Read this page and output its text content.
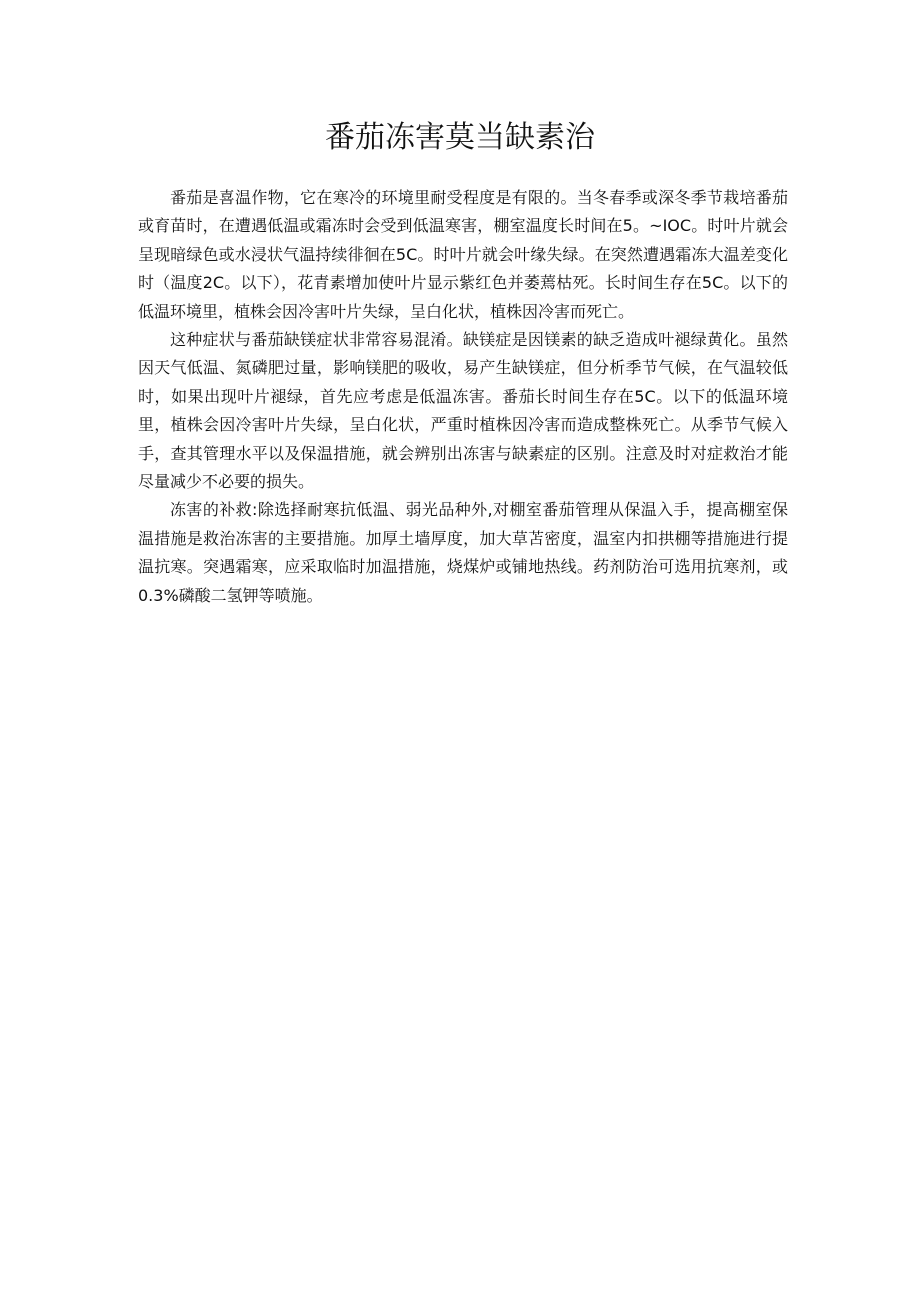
番茄冻害莫当缺素治

番茄是喜温作物，它在寒冷的环境里耐受程度是有限的。当冬春季或深冬季节栽培番茄或育苗时，在遭遇低温或霜冻时会受到低温寒害，棚室温度长时间在5。~IOC。时叶片就会呈现暗绿色或水浸状气温持续徘徊在5C。时叶片就会叶缘失绿。在突然遭遇霜冻大温差变化时（温度2C。以下），花青素增加使叶片显示紫红色并萎蔫枯死。长时间生存在5C。以下的低温环境里，植株会因冷害叶片失绿，呈白化状，植株因冷害而死亡。

这种症状与番茄缺镁症状非常容易混淆。缺镁症是因镁素的缺乏造成叶褪绿黄化。虽然因天气低温、氮磷肥过量，影响镁肥的吸收，易产生缺镁症，但分析季节气候，在气温较低时，如果出现叶片褪绿，首先应考虑是低温冻害。番茄长时间生存在5C。以下的低温环境里，植株会因冷害叶片失绿，呈白化状，严重时植株因冷害而造成整株死亡。从季节气候入手，查其管理水平以及保温措施，就会辨别出冻害与缺素症的区别。注意及时对症救治才能尽量减少不必要的损失。

冻害的补救:除选择耐寒抗低温、弱光品种外,对棚室番茄管理从保温入手，提高棚室保温措施是救治冻害的主要措施。加厚土墙厚度，加大草苫密度，温室内扣拱棚等措施进行提温抗寒。突遇霜寒，应采取临时加温措施，烧煤炉或铺地热线。药剂防治可选用抗寒剂，或0.3%磷酸二氢钾等喷施。
